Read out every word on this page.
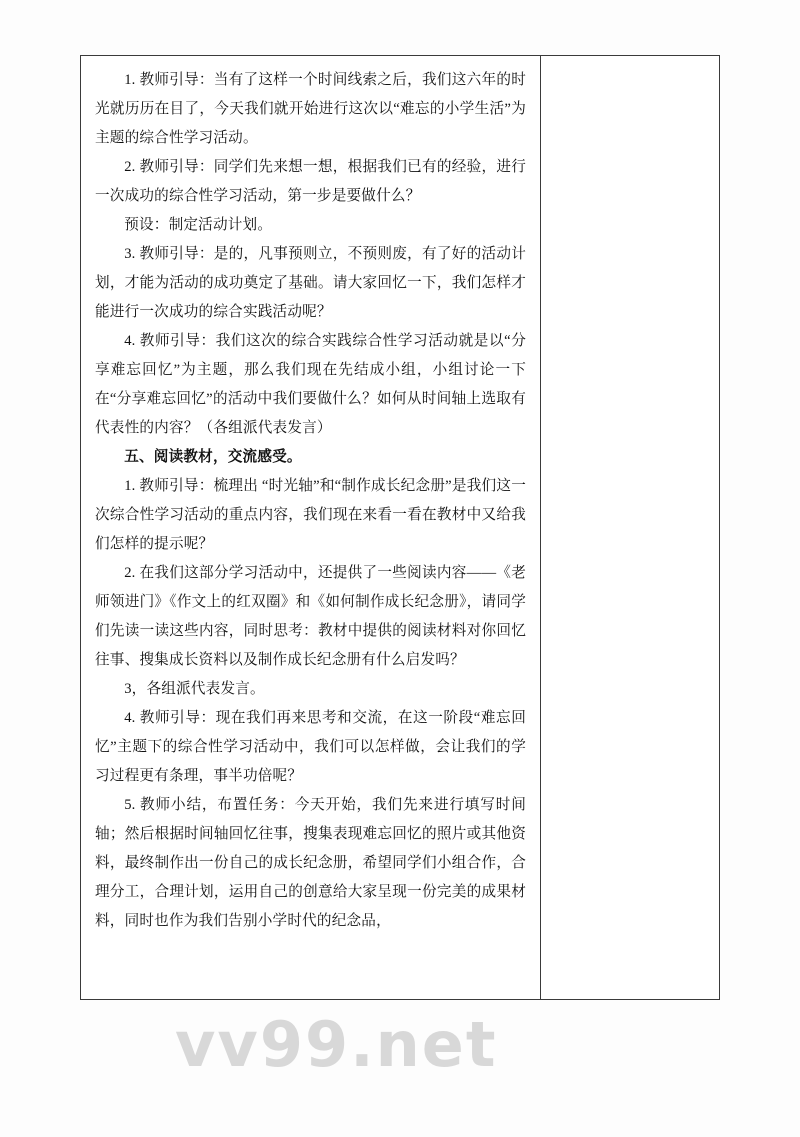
1. 教师引导：当有了这样一个时间线索之后，我们这六年的时光就历历在目了，今天我们就开始进行这次以“难忘的小学生活”为主题的综合性学习活动。

2. 教师引导：同学们先来想一想，根据我们已有的经验，进行一次成功的综合性学习活动，第一步是要做什么？

预设：制定活动计划。

3. 教师引导：是的，凡事预则立，不预则废，有了好的活动计划，才能为活动的成功奠定了基础。请大家回忆一下，我们怎样才能进行一次成功的综合实践活动呢？

4. 教师引导：我们这次的综合实践综合性学习活动就是以“分享难忘回忆”为主题，那么我们现在先结成小组，小组讨论一下在“分享难忘回忆”的活动中我们要做什么？如何从时间轴上选取有代表性的内容？（各组派代表发言）

五、阅读教材，交流感受。

1. 教师引导：梳理出 “时光轴”和“制作成长纪念册”是我们这一次综合性学习活动的重点内容，我们现在来看一看在教材中又给我们怎样的提示呢？

2. 在我们这部分学习活动中，还提供了一些阅读内容——《老师领进门》《作文上的红双圈》和《如何制作成长纪念册》，请同学们先读一读这些内容，同时思考：教材中提供的阅读材料对你回忆往事、搜集成长资料以及制作成长纪念册有什么启发吗？

3，各组派代表发言。

4. 教师引导：现在我们再来思考和交流，在这一阶段“难忘回忆”主题下的综合性学习活动中，我们可以怎样做，会让我们的学习过程更有条理，事半功倍呢？

5. 教师小结，布置任务：今天开始，我们先来进行填写时间轴；然后根据时间轴回忆往事，搜集表现难忘回忆的照片或其他资料，最终制作出一份自己的成长纪念册，希望同学们小组合作，合理分工，合理计划，运用自己的创意给大家呈现一份完美的成果材料，同时也作为我们告别小学时代的纪念品，

vv99.net
